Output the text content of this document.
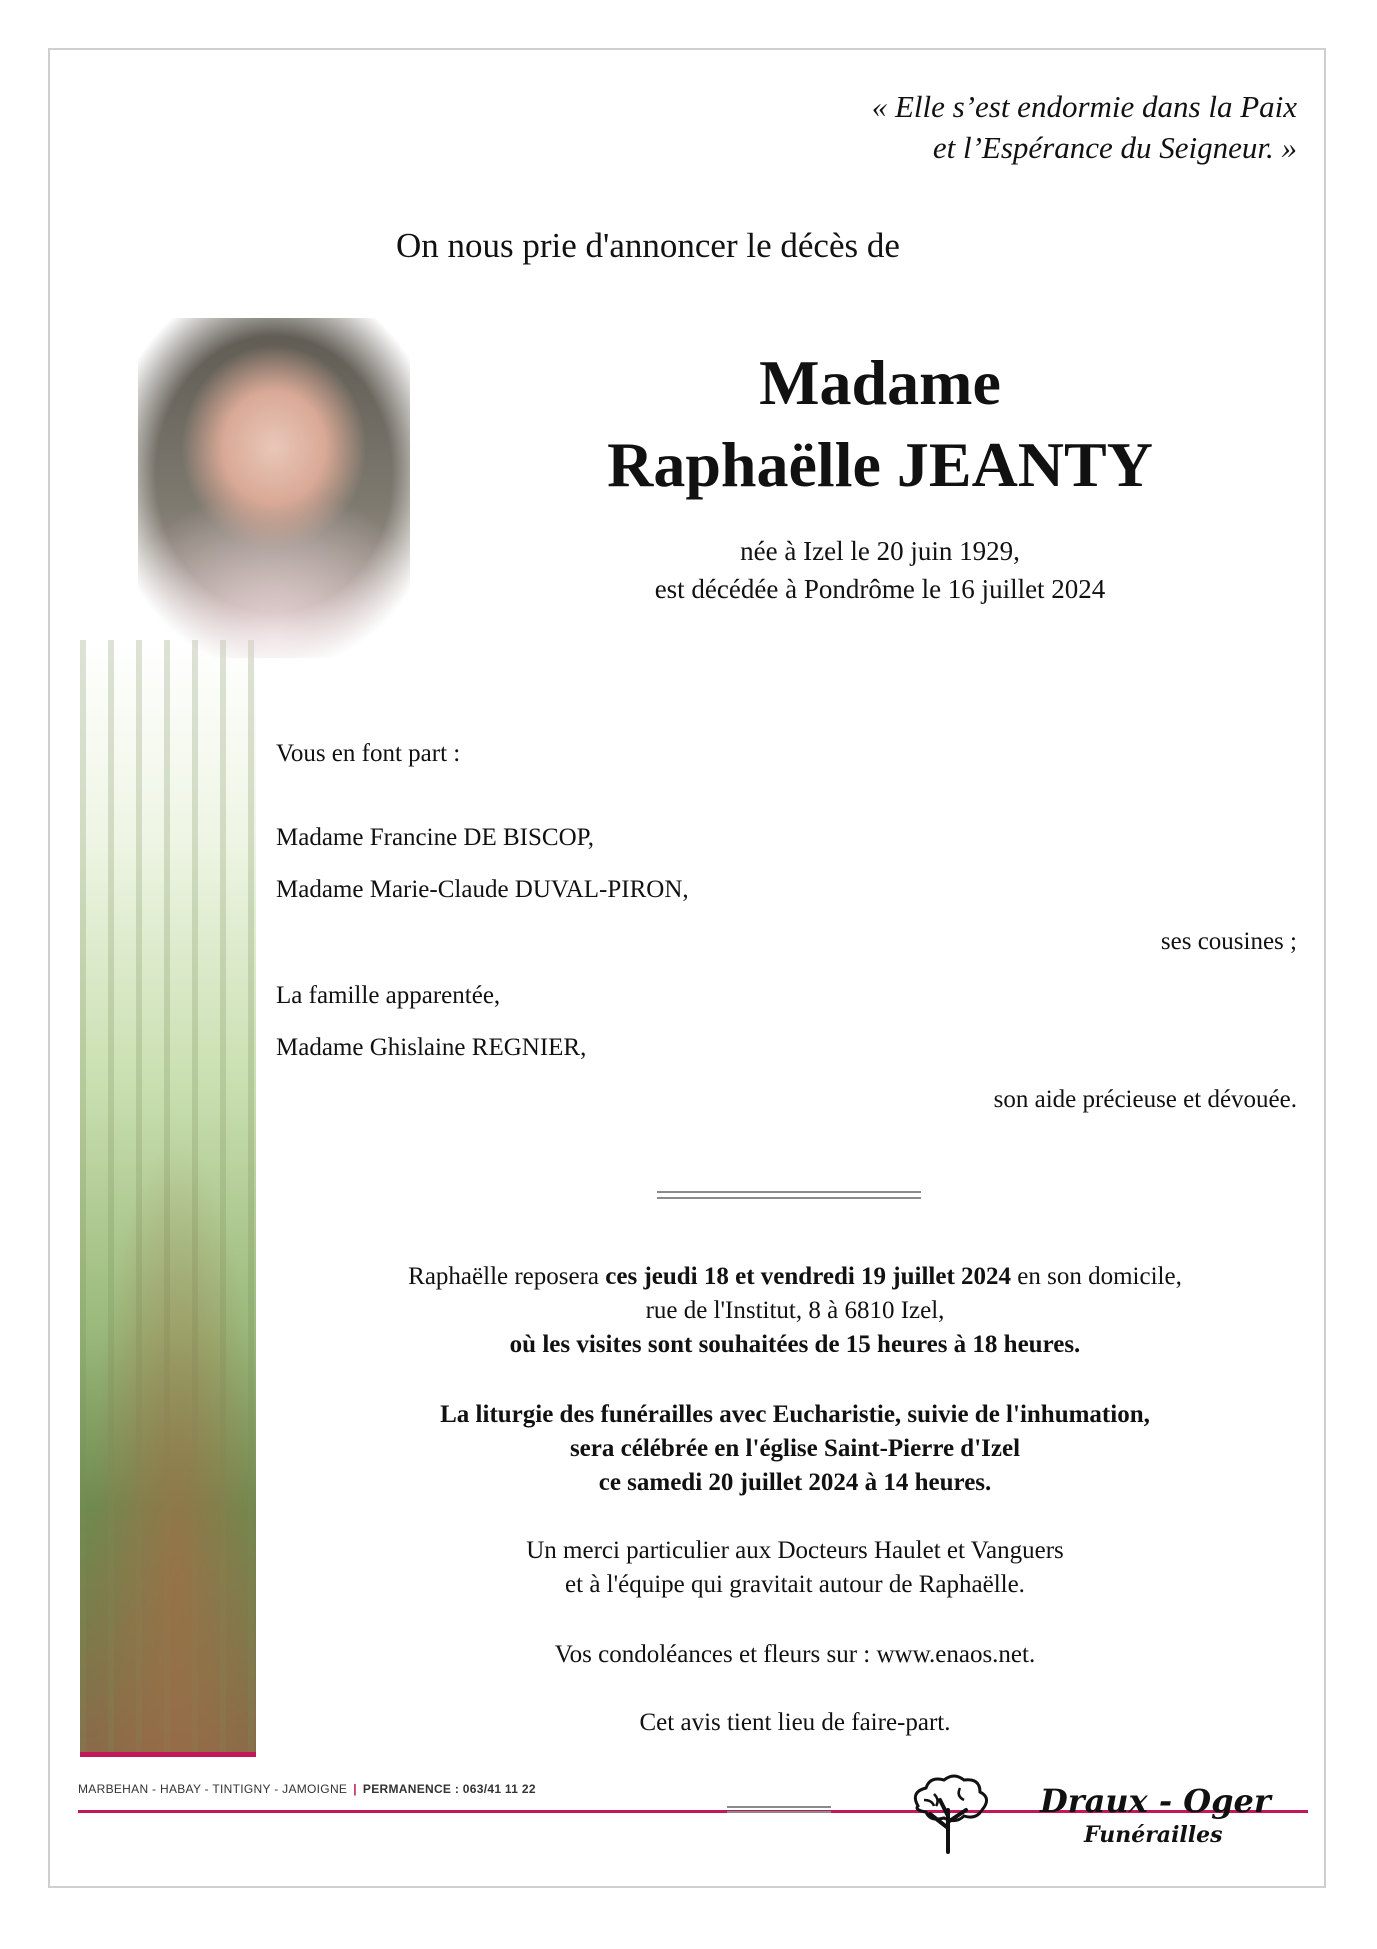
« Elle s’est endormie dans la Paix
et l’Espérance du Seigneur. »
On nous prie d'annoncer le décès de
Madame
Raphaëlle JEANTY
née à Izel le 20 juin 1929,
est décédée à Pondrôme le 16 juillet 2024
Vous en font part :
Madame Francine DE BISCOP,
Madame Marie-Claude DUVAL-PIRON,
ses cousines ;
La famille apparentée,
Madame Ghislaine REGNIER,
son aide précieuse et dévouée.
Raphaëlle reposera ces jeudi 18 et vendredi 19 juillet 2024 en son domicile,
rue de l'Institut, 8 à 6810 Izel,
où les visites sont souhaitées de 15 heures à 18 heures.
La liturgie des funérailles avec Eucharistie, suivie de l'inhumation,
sera célébrée en l'église Saint-Pierre d'Izel
ce samedi 20 juillet 2024 à 14 heures.
Un merci particulier aux Docteurs Haulet et Vanguers
et à l'équipe qui gravitait autour de Raphaëlle.
Vos condoléances et fleurs sur : www.enaos.net.
Cet avis tient lieu de faire-part.
MARBEHAN - HABAY - TINTIGNY - JAMOIGNE | PERMANENCE : 063/41 11 22	Draux - Oger
Funérailles
